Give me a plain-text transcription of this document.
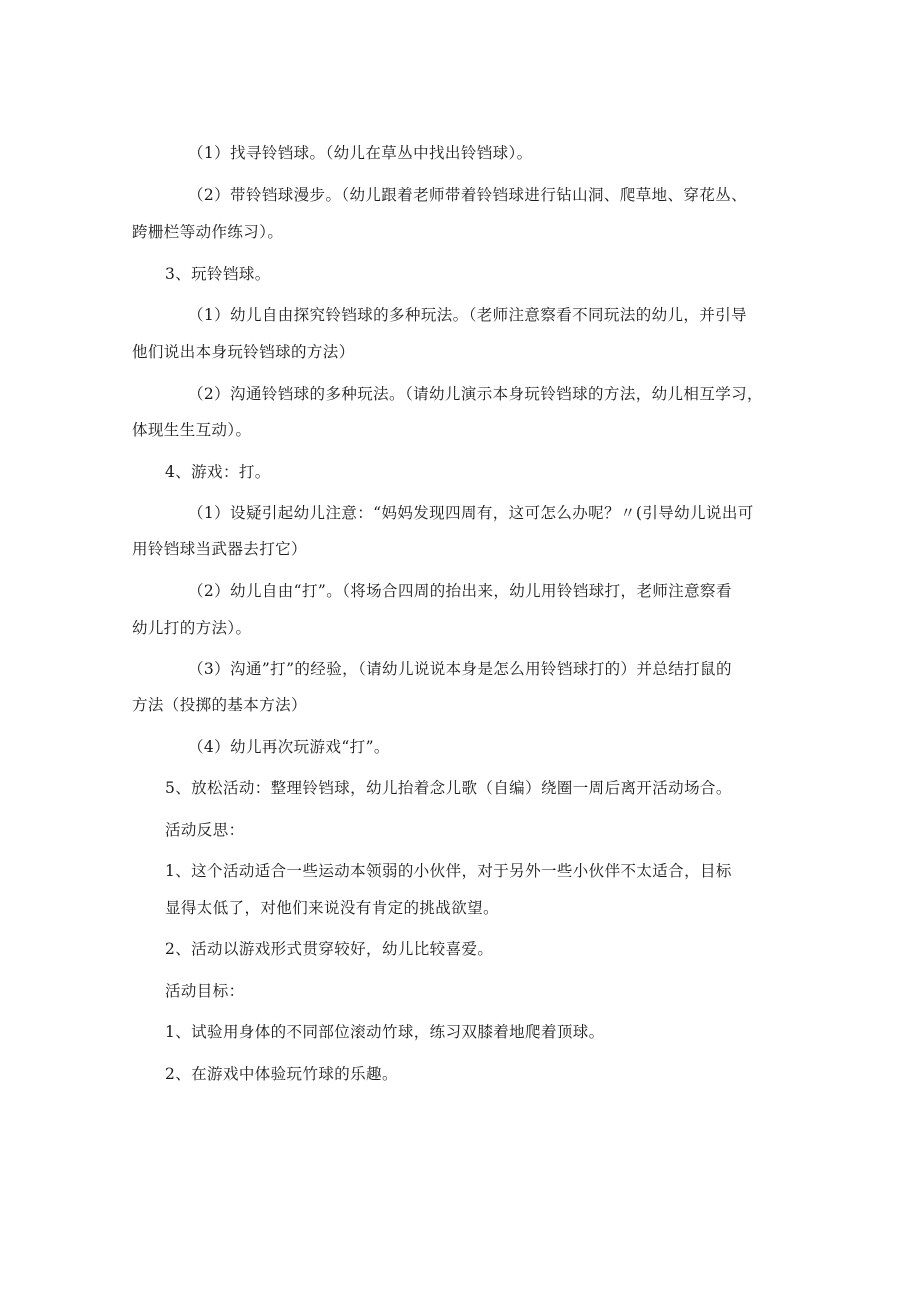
（1）找寻铃铛球。（幼儿在草丛中找出铃铛球）。
（2）带铃铛球漫步。（幼儿跟着老师带着铃铛球进行钻山洞、爬草地、穿花丛、
跨栅栏等动作练习）。
3、玩铃铛球。
（1）幼儿自由探究铃铛球的多种玩法。（老师注意察看不同玩法的幼儿，并引导
他们说出本身玩铃铛球的方法）
（2）沟通铃铛球的多种玩法。（请幼儿演示本身玩铃铛球的方法，幼儿相互学习，
体现生生互动）。
4、游戏：打。
（1）设疑引起幼儿注意：“妈妈发现四周有，这可怎么办呢？〃(引导幼儿说出可
用铃铛球当武器去打它）
（2）幼儿自由“打”。（将场合四周的抬出来，幼儿用铃铛球打，老师注意察看
幼儿打的方法）。
（3）沟通”打”的经验，（请幼儿说说本身是怎么用铃铛球打的）并总结打鼠的
方法（投掷的基本方法）
（4）幼儿再次玩游戏“打”。
5、放松活动：整理铃铛球，幼儿抬着念儿歌（自编）绕圈一周后离开活动场合。
活动反思：
1、这个活动适合一些运动本领弱的小伙伴，对于另外一些小伙伴不太适合，目标
显得太低了，对他们来说没有肯定的挑战欲望。
2、活动以游戏形式贯穿较好，幼儿比较喜爱。
活动目标：
1、试验用身体的不同部位滚动竹球，练习双膝着地爬着顶球。
2、在游戏中体验玩竹球的乐趣。
